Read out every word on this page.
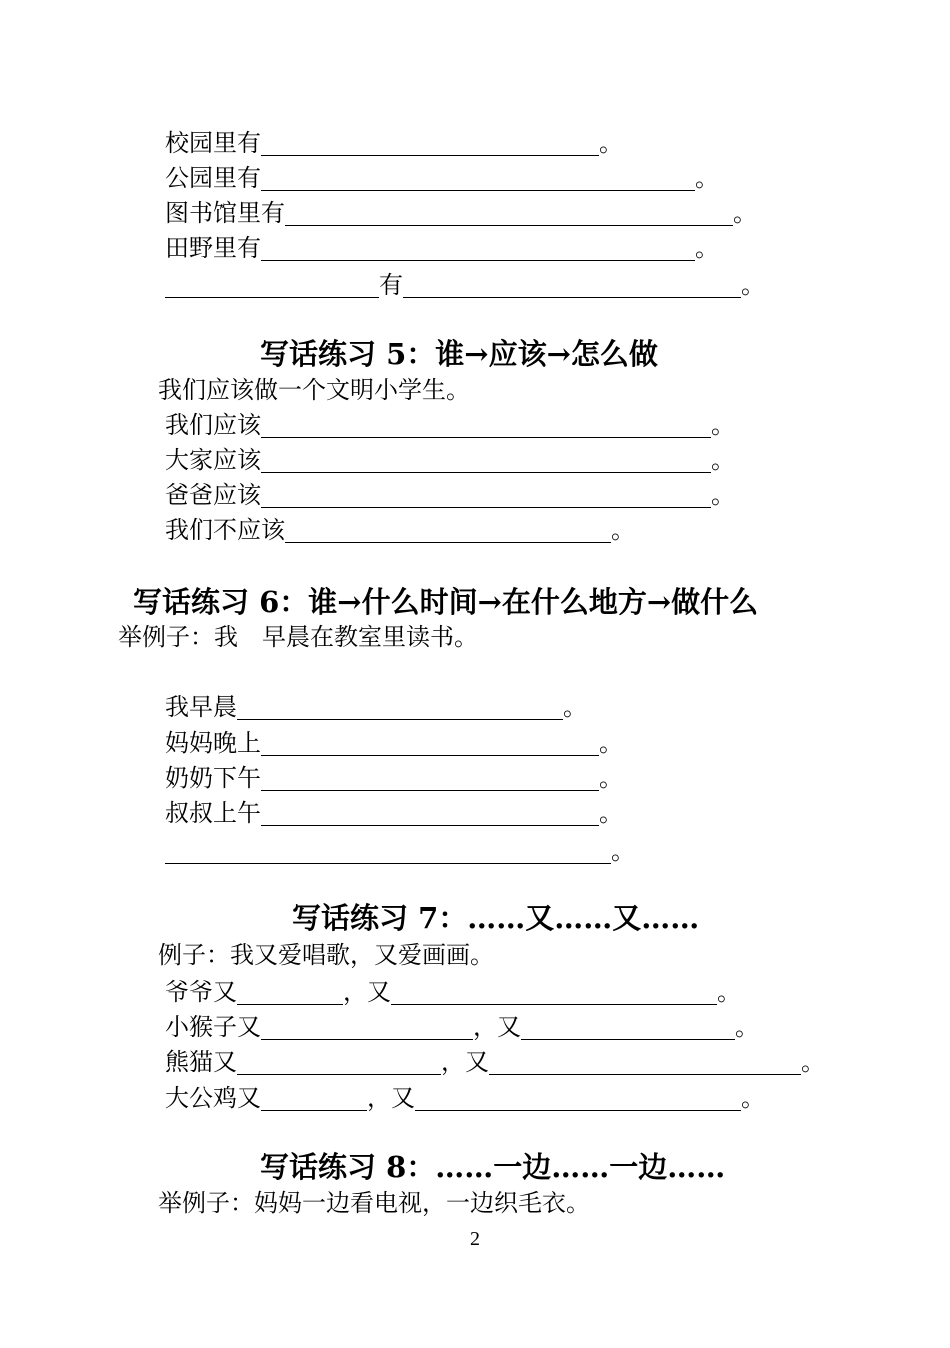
校园里有	。
公园里有	。
图书馆里有	。
田野里有	。
有	。
写话练习 5：谁→应该→怎么做
我们应该做一个文明小学生。
我们应该	。
大家应该	。
爸爸应该	。
我们不应该	。
写话练习 6：谁→什么时间→在什么地方→做什么
举例子：我　早晨在教室里读书。
我早晨	。
妈妈晚上	。
奶奶下午	。
叔叔上午	。
。
写话练习 7：……又……又……
例子：我又爱唱歌，又爱画画。
爷爷又	，又	。
小猴子又	，又	。
熊猫又	，又	。
大公鸡又	，又	。
写话练习 8：……一边……一边……
举例子：妈妈一边看电视，一边织毛衣。
2
